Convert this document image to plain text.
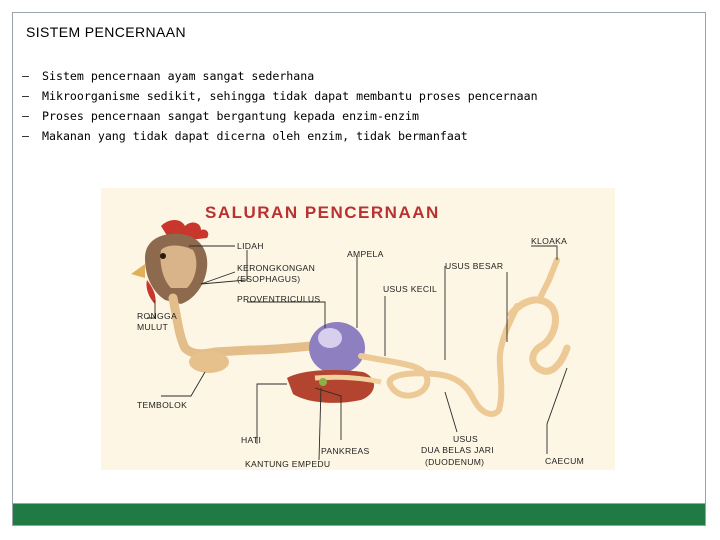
SISTEM PENCERNAAN
– Sistem pencernaan ayam sangat sederhana
– Mikroorganisme sedikit, sehingga tidak dapat membantu proses pencernaan
– Proses pencernaan sangat bergantung kepada enzim-enzim
– Makanan yang tidak dapat dicerna oleh enzim, tidak bermanfaat
SALURAN PENCERNAAN
LIDAH
AMPELA
KLOAKA
KERONGKONGAN
(ESOPHAGUS)
USUS BESAR
USUS KECIL
PROVENTRICULUS
RONGGA
MULUT
TEMBOLOK
HATI	USUS
PANKREAS	DUA BELAS JARI
CAECUM
(DUODENUM)
KANTUNG EMPEDU
